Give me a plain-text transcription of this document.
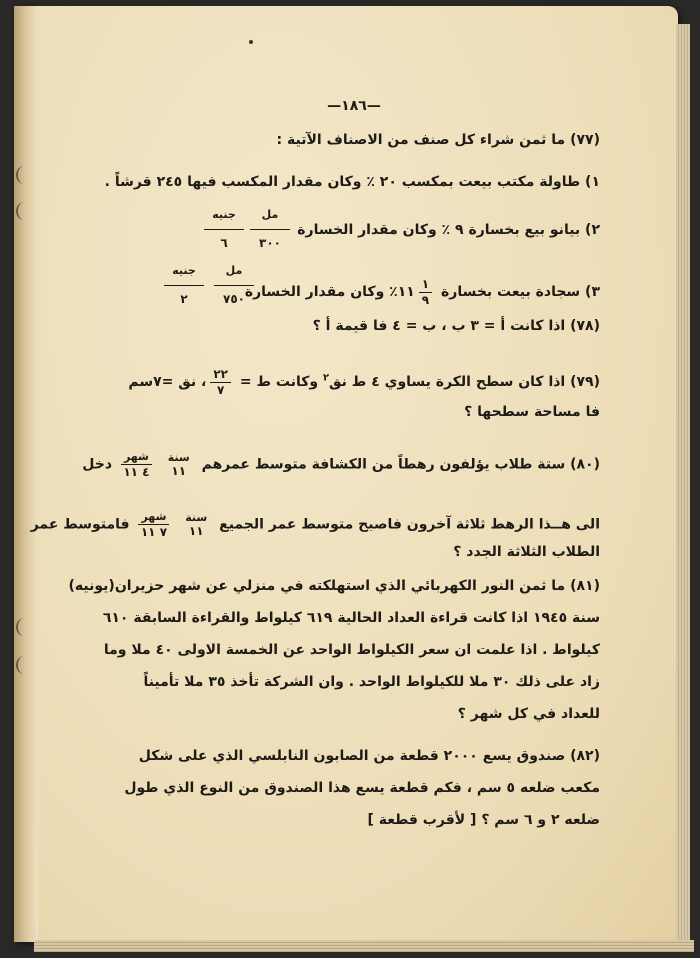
—١٨٦—
(٧٧) ما ثمن شراء كل صنف من الاصناف الآتية :
١) طاولة مكتب بيعت بمكسب ٢٠ ٪ وكان مقدار المكسب فيها ٢٤٥ قرشاً .
٢) بيانو بيع بخسارة ٩ ٪ وكان مقدار الخسارة
مل
٣٠٠
جنيه
٦
٣) سجادة بيعت بخسارة
$\frac{١}{٩}$
١١٪ وكان مقدار الخسارة
مل
٧٥٠
جنيه
٢
(٧٨) اذا كانت أ = ٣ ب ، ب = ٤ فا قيمة أ ؟
(٧٩) اذا كان سطح الكرة يساوي ٤ ط نق$^٢$ وكانت ط =
$\frac{٢٢}{٧}$
، نق =٧سم
فا مساحة سطحها ؟
(٨٠) ستة طلاب يؤلفون رهطاً من الكشافة متوسط عمرهم
سنة
١١

$\frac{\text{شهر}}{٤ ١١}$
دخل
الى هــذا الرهط ثلاثة آخرون فاصبح متوسط عمر الجميع
سنة
١١

$\frac{\text{شهر}}{٧ ١١}$
فامتوسط عمر
الطلاب الثلاثة الجدد ؟
(٨١) ما ثمن النور الكهربائي الذي استهلكته في منزلي عن شهر حزيران(يونيه)
سنة ١٩٤٥ اذا كانت قراءة العداد الحالية ٦١٩ كيلواط والقراءة السابقة ٦١٠
كيلواط . اذا علمت ان سعر الكيلواط الواحد عن الخمسة الاولى ٤٠ ملا وما
زاد على ذلك ٣٠ ملا للكيلواط الواحد . وان الشركة تأخذ ٣٥ ملا تأميناً
للعداد في كل شهر ؟
(٨٢) صندوق يسع ٢٠٠٠ قطعة من الصابون النابلسي الذي على شكل
مكعب ضلعه ٥ سم ، فكم قطعة يسع هذا الصندوق من النوع الذي طول
ضلعه ٢ و ٦ سم ؟ [ لأقرب قطعة ]
